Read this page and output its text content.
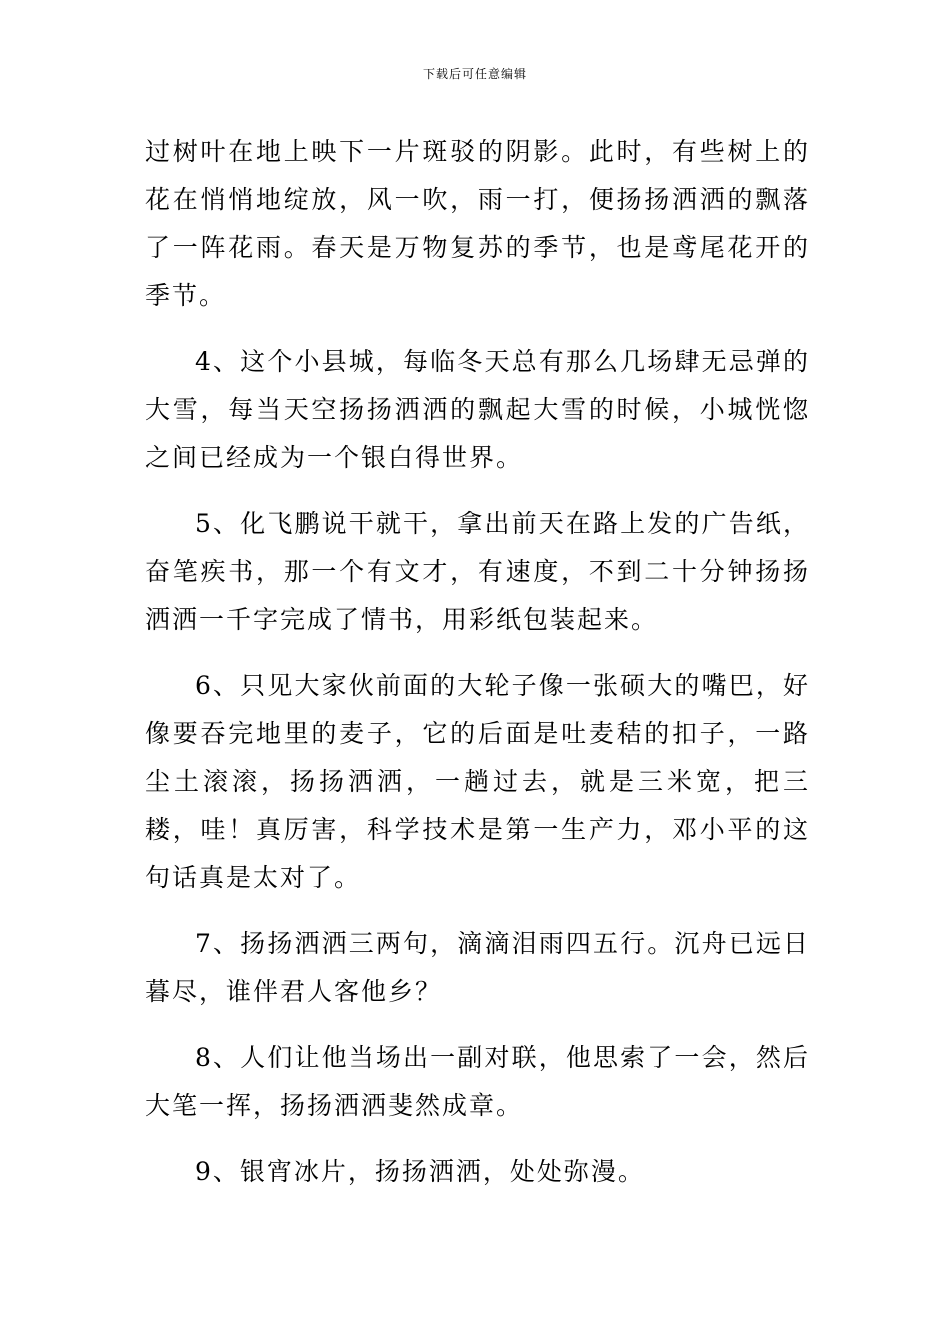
下载后可任意编辑

过树叶在地上映下一片斑驳的阴影。此时，有些树上的花在悄悄地绽放，风一吹，雨一打，便扬扬洒洒的飘落了一阵花雨。春天是万物复苏的季节，也是鸢尾花开的季节。

4、这个小县城，每临冬天总有那么几场肆无忌弹的大雪，每当天空扬扬洒洒的飘起大雪的时候，小城恍惚之间已经成为一个银白得世界。

5、化飞鹏说干就干，拿出前天在路上发的广告纸，奋笔疾书，那一个有文才，有速度，不到二十分钟扬扬洒洒一千字完成了情书，用彩纸包装起来。

6、只见大家伙前面的大轮子像一张硕大的嘴巴，好像要吞完地里的麦子，它的后面是吐麦秸的扣子，一路尘土滚滚，扬扬洒洒，一趟过去，就是三米宽，把三耧，哇！真厉害，科学技术是第一生产力，邓小平的这句话真是太对了。

7、扬扬洒洒三两句，滴滴泪雨四五行。沉舟已远日暮尽，谁伴君人客他乡？

8、人们让他当场出一副对联，他思索了一会，然后大笔一挥，扬扬洒洒斐然成章。

9、银宵冰片，扬扬洒洒，处处弥漫。
